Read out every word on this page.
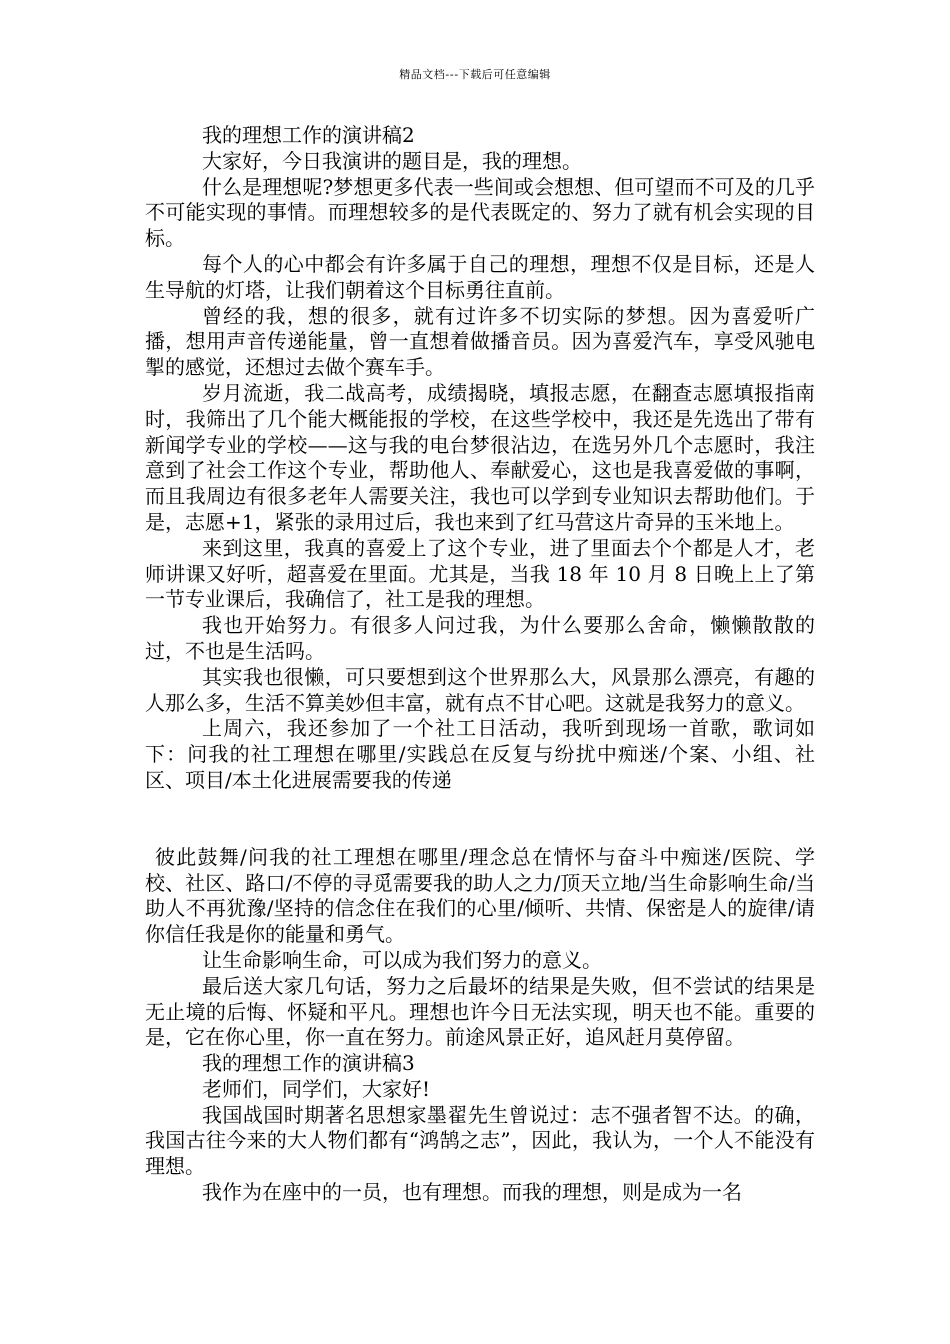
精品文档---下载后可任意编辑

我的理想工作的演讲稿2

大家好，今日我演讲的题目是，我的理想。

什么是理想呢?梦想更多代表一些间或会想想、但可望而不可及的几乎不可能实现的事情。而理想较多的是代表既定的、努力了就有机会实现的目标。

每个人的心中都会有许多属于自己的理想，理想不仅是目标，还是人生导航的灯塔，让我们朝着这个目标勇往直前。

曾经的我，想的很多，就有过许多不切实际的梦想。因为喜爱听广播，想用声音传递能量，曾一直想着做播音员。因为喜爱汽车，享受风驰电掣的感觉，还想过去做个赛车手。

岁月流逝，我二战高考，成绩揭晓，填报志愿，在翻查志愿填报指南时，我筛出了几个能大概能报的学校，在这些学校中，我还是先选出了带有新闻学专业的学校——这与我的电台梦很沾边，在选另外几个志愿时，我注意到了社会工作这个专业，帮助他人、奉献爱心，这也是我喜爱做的事啊，而且我周边有很多老年人需要关注，我也可以学到专业知识去帮助他们。于是，志愿+1，紧张的录用过后，我也来到了红马营这片奇异的玉米地上。

来到这里，我真的喜爱上了这个专业，进了里面去个个都是人才，老师讲课又好听，超喜爱在里面。尤其是，当我 18 年 10 月 8 日晚上上了第一节专业课后，我确信了，社工是我的理想。

我也开始努力。有很多人问过我，为什么要那么舍命，懒懒散散的过，不也是生活吗。

其实我也很懒，可只要想到这个世界那么大，风景那么漂亮，有趣的人那么多，生活不算美妙但丰富，就有点不甘心吧。这就是我努力的意义。

上周六，我还参加了一个社工日活动，我听到现场一首歌，歌词如下：问我的社工理想在哪里/实践总在反复与纷扰中痴迷/个案、小组、社区、项目/本土化进展需要我的传递

彼此鼓舞/问我的社工理想在哪里/理念总在情怀与奋斗中痴迷/医院、学校、社区、路口/不停的寻觅需要我的助人之力/顶天立地/当生命影响生命/当助人不再犹豫/坚持的信念住在我们的心里/倾听、共情、保密是人的旋律/请你信任我是你的能量和勇气。

让生命影响生命，可以成为我们努力的意义。

最后送大家几句话，努力之后最坏的结果是失败，但不尝试的结果是无止境的后悔、怀疑和平凡。理想也许今日无法实现，明天也不能。重要的是，它在你心里，你一直在努力。前途风景正好，追风赶月莫停留。

我的理想工作的演讲稿3

老师们，同学们，大家好!

我国战国时期著名思想家墨翟先生曾说过：志不强者智不达。的确，我国古往今来的大人物们都有“鸿鹄之志”，因此，我认为，一个人不能没有理想。

我作为在座中的一员，也有理想。而我的理想，则是成为一名
